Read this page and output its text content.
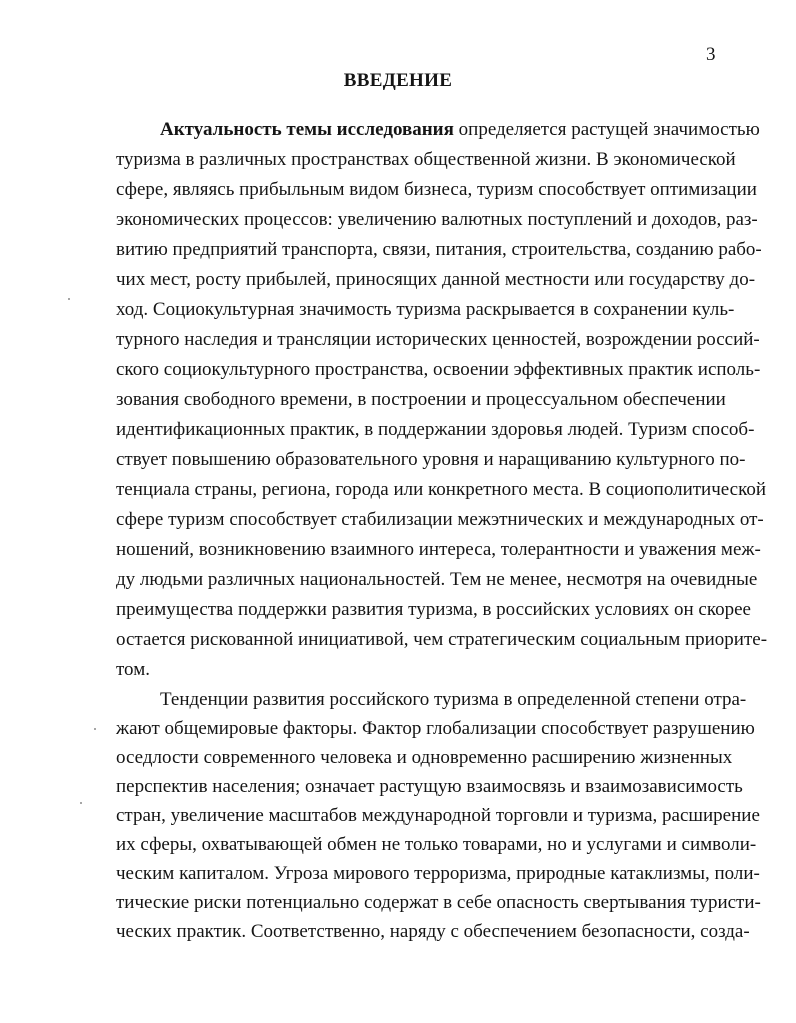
3
ВВЕДЕНИЕ
Актуальность темы исследования определяется растущей значимостью
туризма в различных пространствах общественной жизни. В экономической
сфере, являясь прибыльным видом бизнеса, туризм способствует оптимизации
экономических процессов: увеличению валютных поступлений и доходов, раз-
витию предприятий транспорта, связи, питания, строительства, созданию рабо-
чих мест, росту прибылей, приносящих данной местности или государству до-
ход. Социокультурная значимость туризма раскрывается в сохранении куль-
турного наследия и трансляции исторических ценностей, возрождении россий-
ского социокультурного пространства, освоении эффективных практик исполь-
зования свободного времени, в построении и процессуальном обеспечении
идентификационных практик, в поддержании здоровья людей. Туризм способ-
ствует повышению образовательного уровня и наращиванию культурного по-
тенциала страны, региона, города или конкретного места. В социополитической
сфере туризм способствует стабилизации межэтнических и международных от-
ношений, возникновению взаимного интереса, толерантности и уважения меж-
ду людьми различных национальностей. Тем не менее, несмотря на очевидные
преимущества поддержки развития туризма, в российских условиях он скорее
остается рискованной инициативой, чем стратегическим социальным приорите-
том.
Тенденции развития российского туризма в определенной степени отра-
жают общемировые факторы. Фактор глобализации способствует разрушению
оседлости современного человека и одновременно расширению жизненных
перспектив населения; означает растущую взаимосвязь и взаимозависимость
стран, увеличение масштабов международной торговли и туризма, расширение
их сферы, охватывающей обмен не только товарами, но и услугами и символи-
ческим капиталом. Угроза мирового терроризма, природные катаклизмы, поли-
тические риски потенциально содержат в себе опасность свертывания туристи-
ческих практик. Соответственно, наряду с обеспечением безопасности, созда-
